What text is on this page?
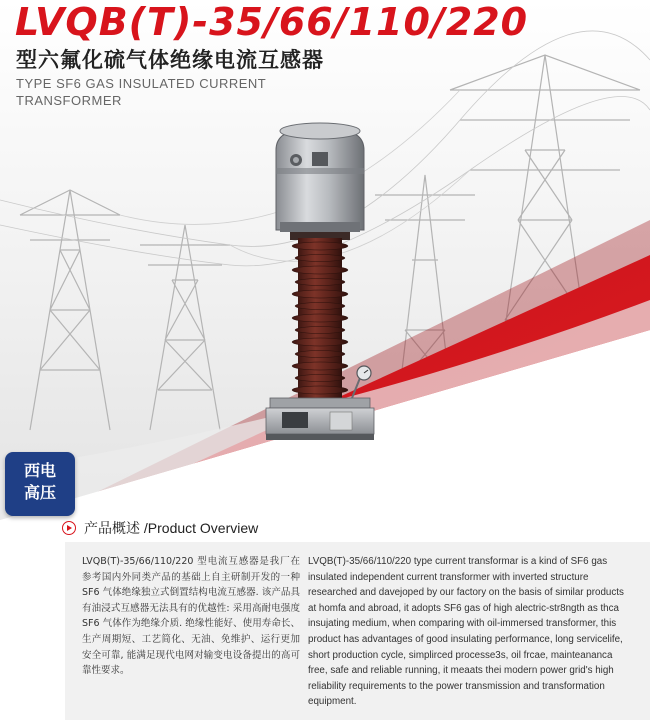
LVQB(T)-35/66/110/220
型六氟化硫气体绝缘电流互感器
TYPE SF6 GAS INSULATED CURRENT TRANSFORMER
西电
高压
产品概述 /Product Overview

LVQB(T)-35/66/110/220 型电流互感器是我厂在参考国内外同类产品的基础上自主研制开发的一种 SF6 气体绝缘独立式倒置结构电流互感器. 该产品具有油浸式互感器无法具有的优越性: 采用高耐电强度 SF6 气体作为绝缘介质. 绝缘性能好、使用寿命长、生产周期短、工艺简化、无油、免维护、运行更加安全可靠, 能满足现代电网对输变电设备提出的高可靠性要求。

LVQB(T)-35/66/110/220 type current transformar is a kind of SF6 gas insulated independent current transformer with inverted structure researched and davejoped by our factory on the basis of similar products at homfa and abroad, it adopts SF6 gas of high alectric-str8ngth as thca insujating medium, when comparing with oil-immersed transformer, this product has advantages of good insulating performance, long servicelife, short production cycle, simplirced processe3s, oil frcae, mainteananca free, safe and reliable running, it meaats thei modern power grid's high reliability requirements to the power transmission and transformation equipment.
